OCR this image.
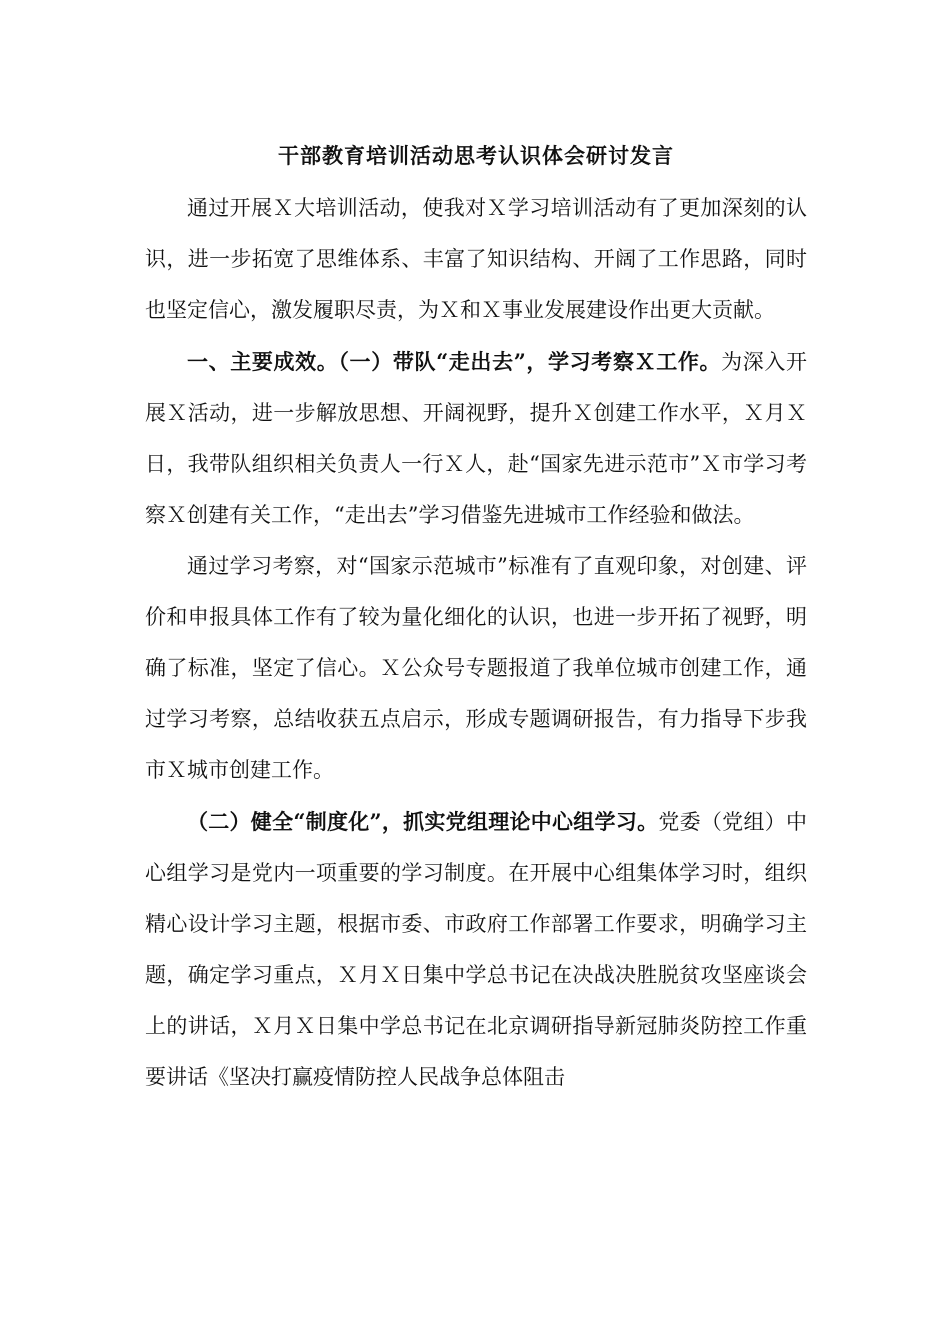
干部教育培训活动思考认识体会研讨发言

通过开展Ｘ大培训活动，使我对Ｘ学习培训活动有了更加深刻的认识，进一步拓宽了思维体系、丰富了知识结构、开阔了工作思路，同时也坚定信心，激发履职尽责，为Ｘ和Ｘ事业发展建设作出更大贡献。

一、主要成效。（一）带队“走出去”，学习考察Ｘ工作。为深入开展Ｘ活动，进一步解放思想、开阔视野，提升Ｘ创建工作水平，Ｘ月Ｘ日，我带队组织相关负责人一行Ｘ人，赴“国家先进示范市”Ｘ市学习考察Ｘ创建有关工作，“走出去”学习借鉴先进城市工作经验和做法。

通过学习考察，对“国家示范城市”标准有了直观印象，对创建、评价和申报具体工作有了较为量化细化的认识，也进一步开拓了视野，明确了标准，坚定了信心。Ｘ公众号专题报道了我单位城市创建工作，通过学习考察，总结收获五点启示，形成专题调研报告，有力指导下步我市Ｘ城市创建工作。

（二）健全“制度化”，抓实党组理论中心组学习。党委（党组）中心组学习是党内一项重要的学习制度。在开展中心组集体学习时，组织精心设计学习主题，根据市委、市政府工作部署工作要求，明确学习主题，确定学习重点，Ｘ月Ｘ日集中学总书记在决战决胜脱贫攻坚座谈会上的讲话，Ｘ月Ｘ日集中学总书记在北京调研指导新冠肺炎防控工作重要讲话《坚决打赢疫情防控人民战争总体阻击
